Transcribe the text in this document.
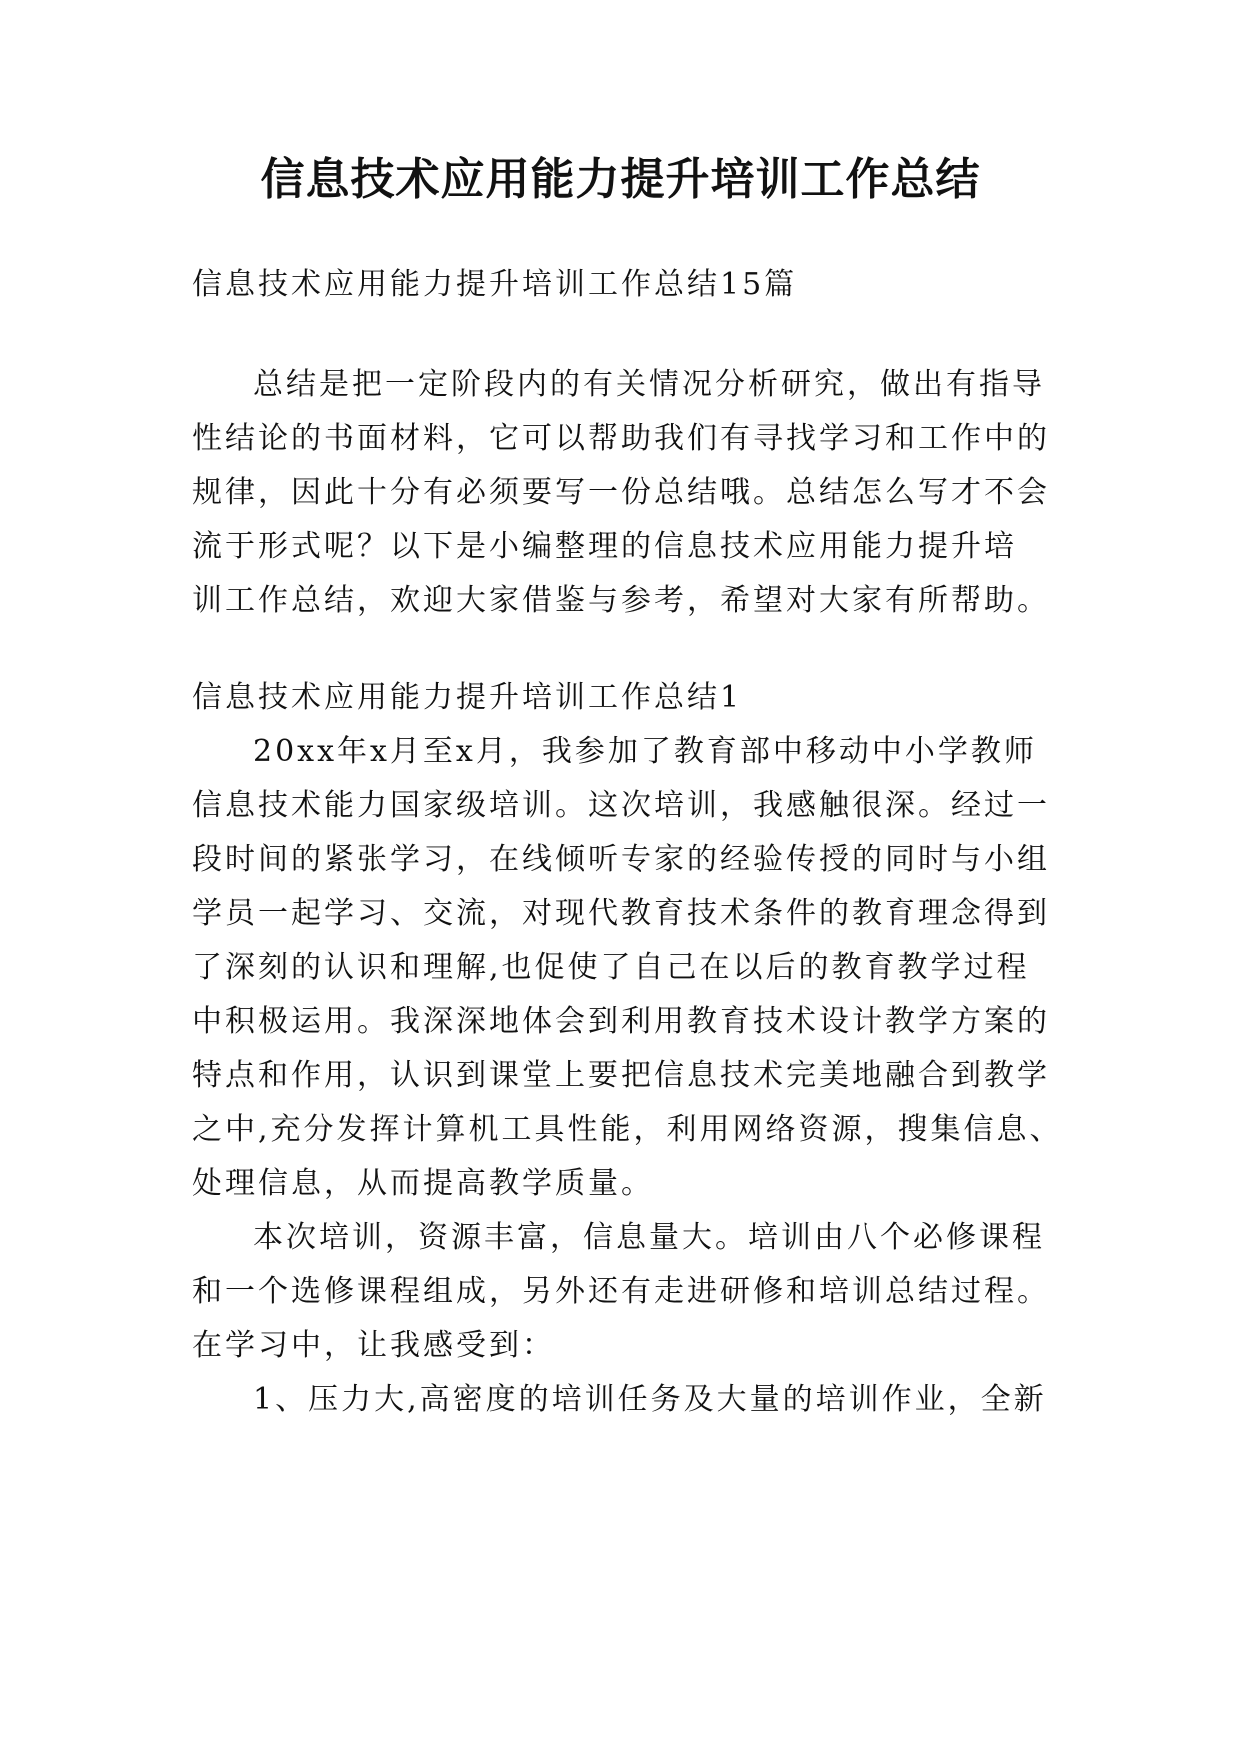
信息技术应用能力提升培训工作总结
信息技术应用能力提升培训工作总结15篇
总结是把一定阶段内的有关情况分析研究，做出有指导
性结论的书面材料，它可以帮助我们有寻找学习和工作中的
规律，因此十分有必须要写一份总结哦。总结怎么写才不会
流于形式呢？以下是小编整理的信息技术应用能力提升培
训工作总结，欢迎大家借鉴与参考，希望对大家有所帮助。
信息技术应用能力提升培训工作总结1
20xx年x月至x月，我参加了教育部中移动中小学教师
信息技术能力国家级培训。这次培训，我感触很深。经过一
段时间的紧张学习，在线倾听专家的经验传授的同时与小组
学员一起学习、交流，对现代教育技术条件的教育理念得到
了深刻的认识和理解,也促使了自己在以后的教育教学过程
中积极运用。我深深地体会到利用教育技术设计教学方案的
特点和作用，认识到课堂上要把信息技术完美地融合到教学
之中,充分发挥计算机工具性能，利用网络资源，搜集信息、
处理信息，从而提高教学质量。
本次培训，资源丰富，信息量大。培训由八个必修课程
和一个选修课程组成，另外还有走进研修和培训总结过程。
在学习中，让我感受到：
1、压力大,高密度的培训任务及大量的培训作业，全新
